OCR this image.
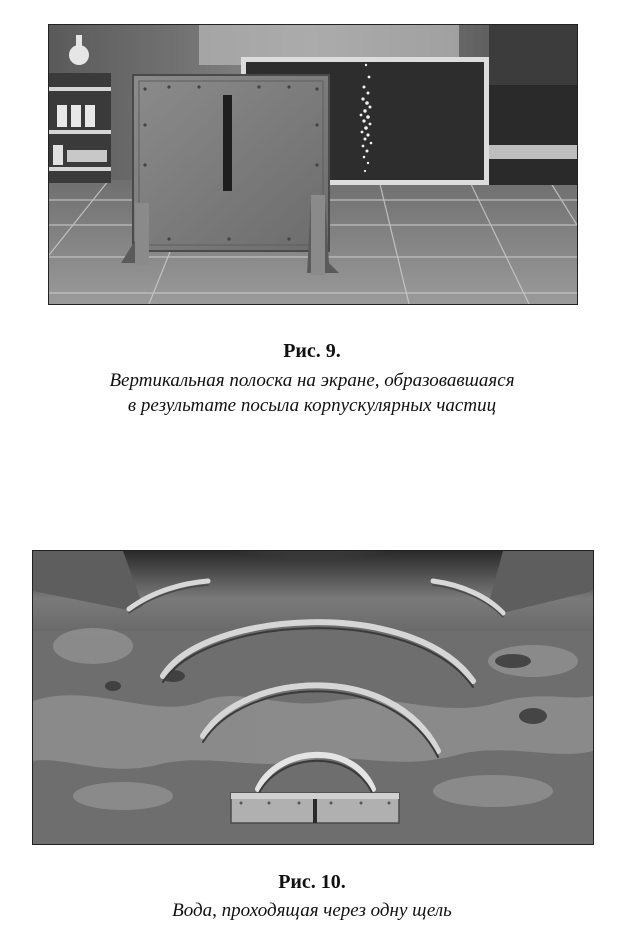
Рис. 9.
Вертикальная полоска на экране, образовавшаяся
в результате посыла корпускулярных частиц
Рис. 10.
Вода, проходящая через одну щель
